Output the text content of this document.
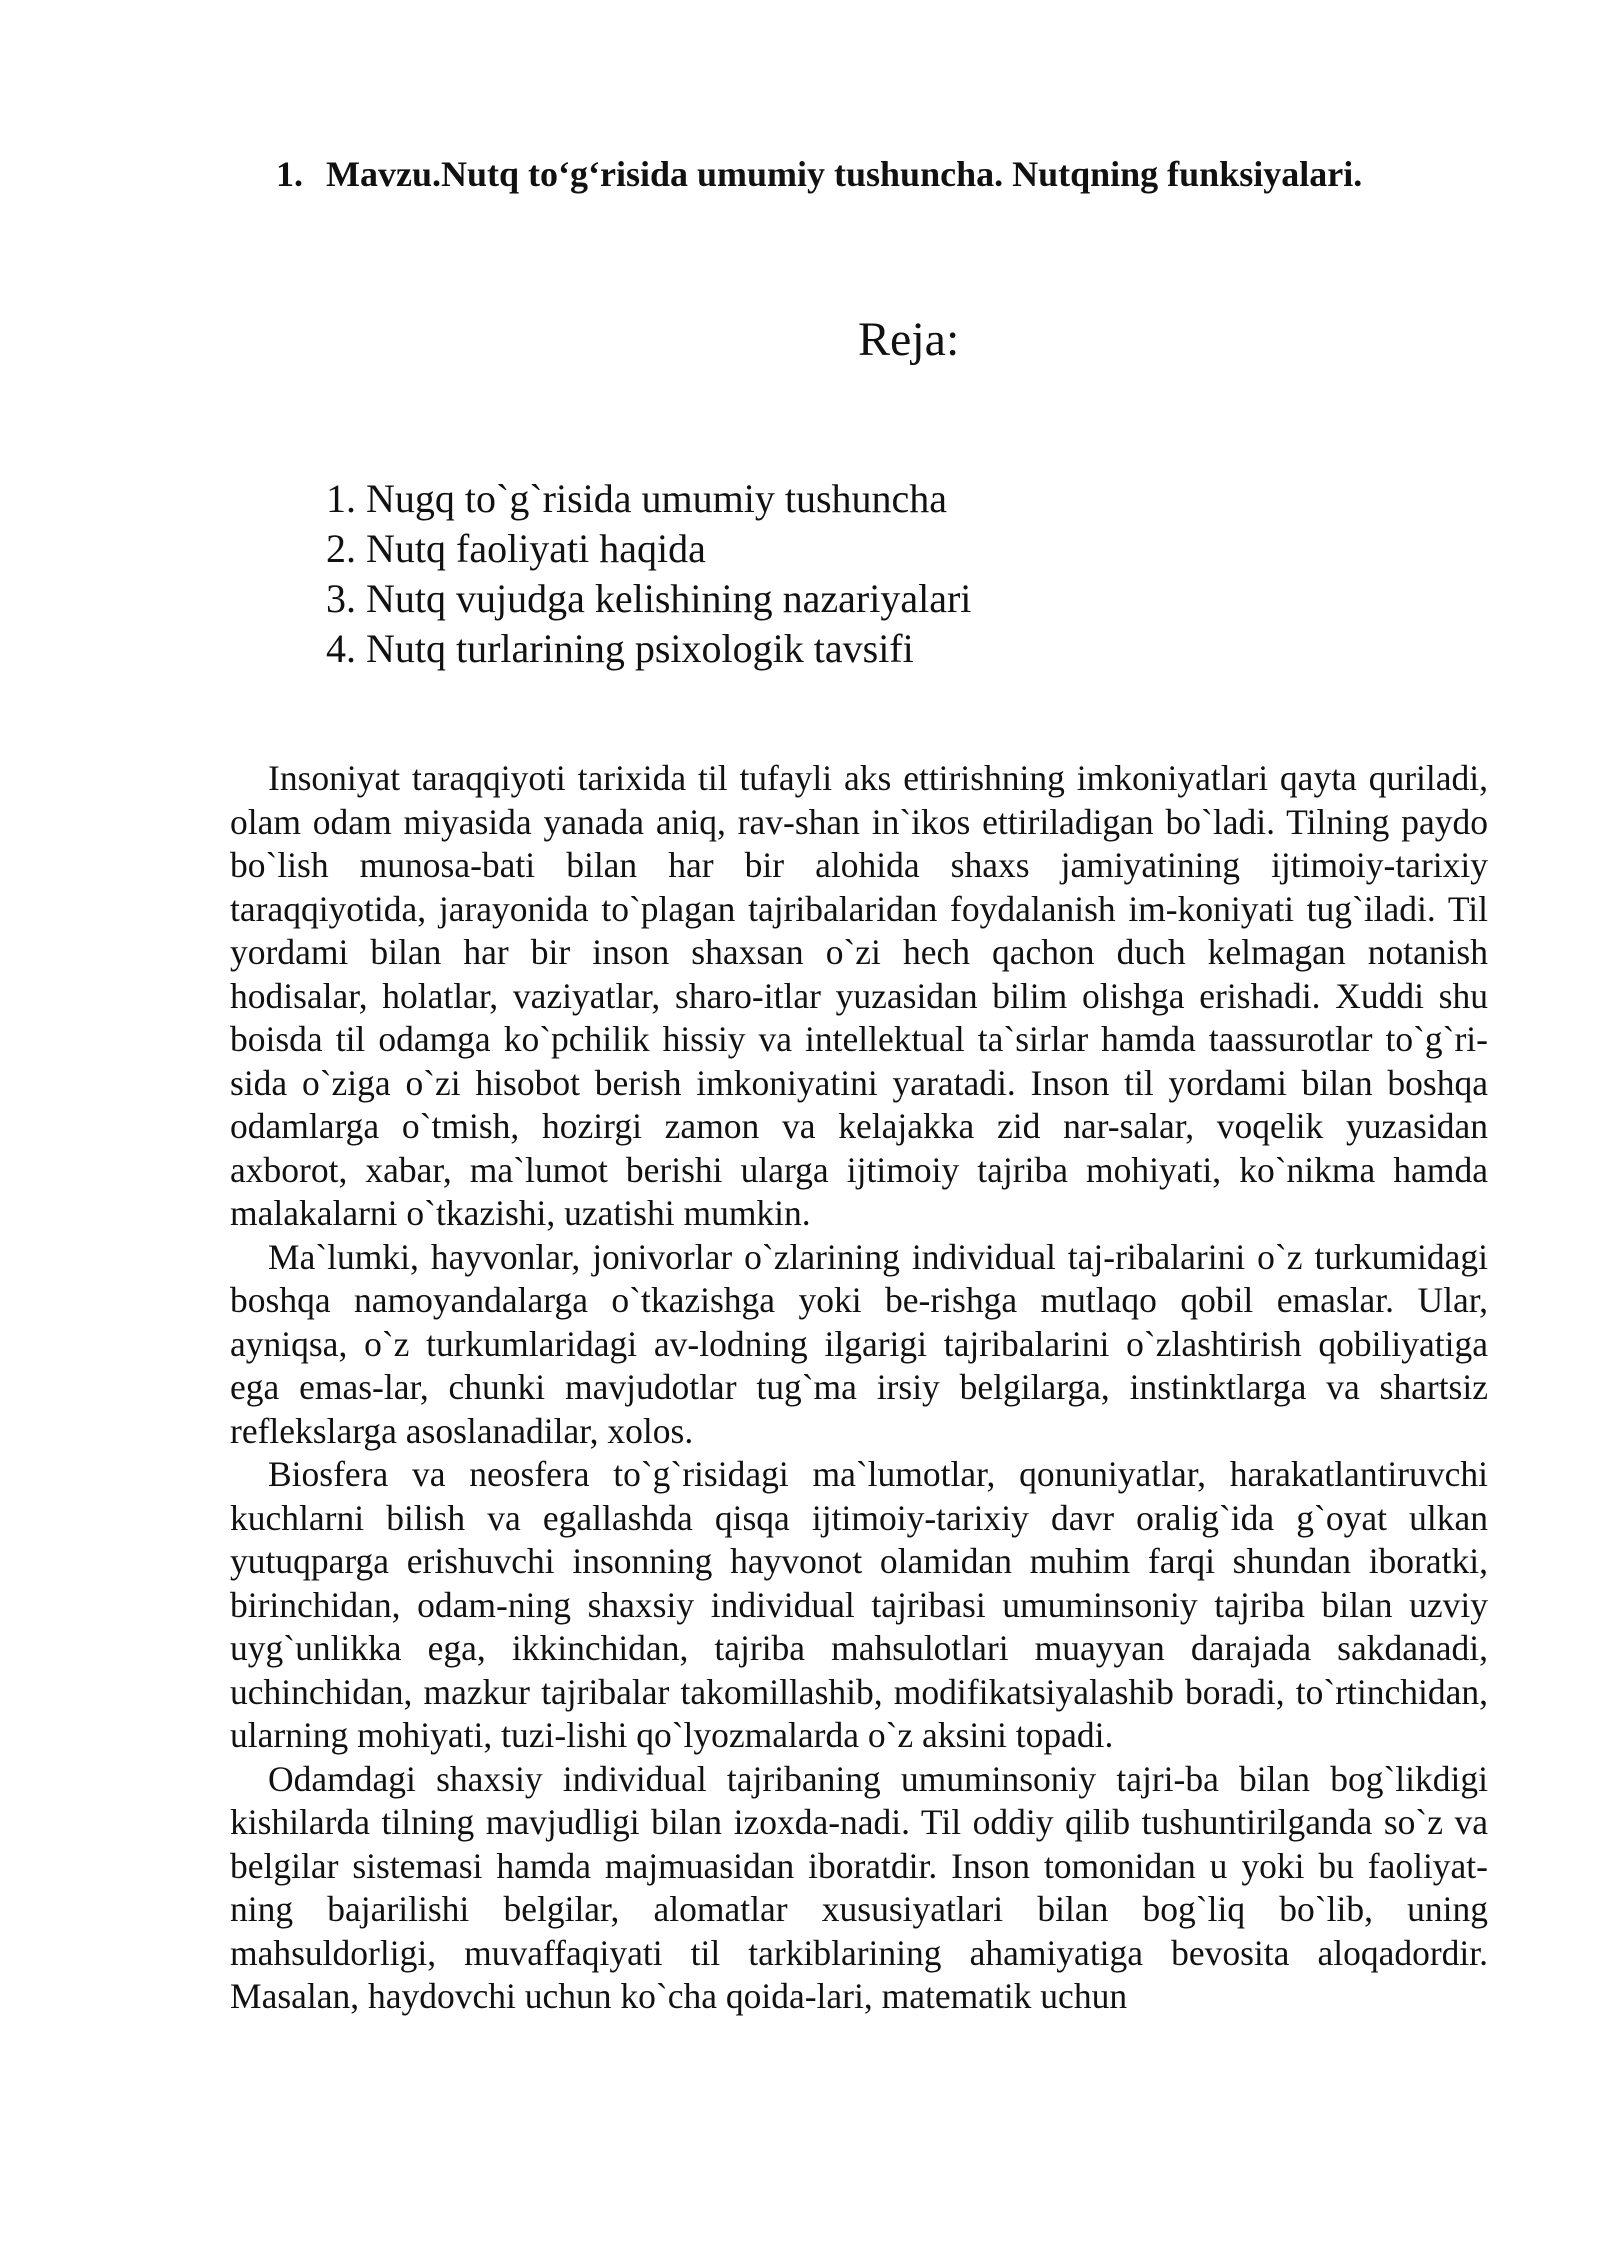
1. Mavzu.Nutq to‘g‘risida umumiy tushuncha. Nutqning funksiyalari.
Reja:
1. Nugq to`g`risida umumiy tushuncha
2. Nutq faoliyati haqida
3. Nutq vujudga kelishining nazariyalari
4. Nutq turlarining psixologik tavsifi

Insoniyat taraqqiyoti tarixida til tufayli aks ettirishning imkoniyatlari qayta quriladi, olam odam miyasida yanada aniq, rav-shan in`ikos ettiriladigan bo`ladi. Tilning paydo bo`lish munosa-bati bilan har bir alohida shaxs jamiyatining ijtimoiy-tarixiy taraqqiyotida, jarayonida to`plagan tajribalaridan foydalanish im-koniyati tug`iladi. Til yordami bilan har bir inson shaxsan o`zi hech qachon duch kelmagan notanish hodisalar, holatlar, vaziyatlar, sharo-itlar yuzasidan bilim olishga erishadi. Xuddi shu boisda til odamga ko`pchilik hissiy va intellektual ta`sirlar hamda taassurotlar to`g`ri-sida o`ziga o`zi hisobot berish imkoniyatini yaratadi. Inson til yordami bilan boshqa odamlarga o`tmish, hozirgi zamon va kelajakka zid nar-salar, voqelik yuzasidan axborot, xabar, ma`lumot berishi ularga ijtimoiy tajriba mohiyati, ko`nikma hamda malakalarni o`tkazishi, uzatishi mumkin.

Ma`lumki, hayvonlar, jonivorlar o`zlarining individual taj-ribalarini o`z turkumidagi boshqa namoyandalarga o`tkazishga yoki be-rishga mutlaqo qobil emaslar. Ular, ayniqsa, o`z turkumlaridagi av-lodning ilgarigi tajribalarini o`zlashtirish qobiliyatiga ega emas-lar, chunki mavjudotlar tug`ma irsiy belgilarga, instinktlarga va shartsiz reflekslarga asoslanadilar, xolos.

Biosfera va neosfera to`g`risidagi ma`lumotlar, qonuniyatlar, harakatlantiruvchi kuchlarni bilish va egallashda qisqa ijtimoiy-tarixiy davr oralig`ida g`oyat ulkan yutuqparga erishuvchi insonning hayvonot olamidan muhim farqi shundan iboratki, birinchidan, odam-ning shaxsiy individual tajribasi umuminsoniy tajriba bilan uzviy uyg`unlikka ega, ikkinchidan, tajriba mahsulotlari muayyan darajada sakdanadi, uchinchidan, mazkur tajribalar takomillashib, modifikatsiyalashib boradi, to`rtinchidan, ularning mohiyati, tuzi-lishi qo`lyozmalarda o`z aksini topadi.

Odamdagi shaxsiy individual tajribaning umuminsoniy tajri-ba bilan bog`likdigi kishilarda tilning mavjudligi bilan izoxda-nadi. Til oddiy qilib tushuntirilganda so`z va belgilar sistemasi hamda majmuasidan iboratdir. Inson tomonidan u yoki bu faoliyat-ning bajarilishi belgilar, alomatlar xususiyatlari bilan bog`liq bo`lib, uning mahsuldorligi, muvaffaqiyati til tarkiblarining ahamiyatiga bevosita aloqadordir. Masalan, haydovchi uchun ko`cha qoida-lari, matematik uchun
